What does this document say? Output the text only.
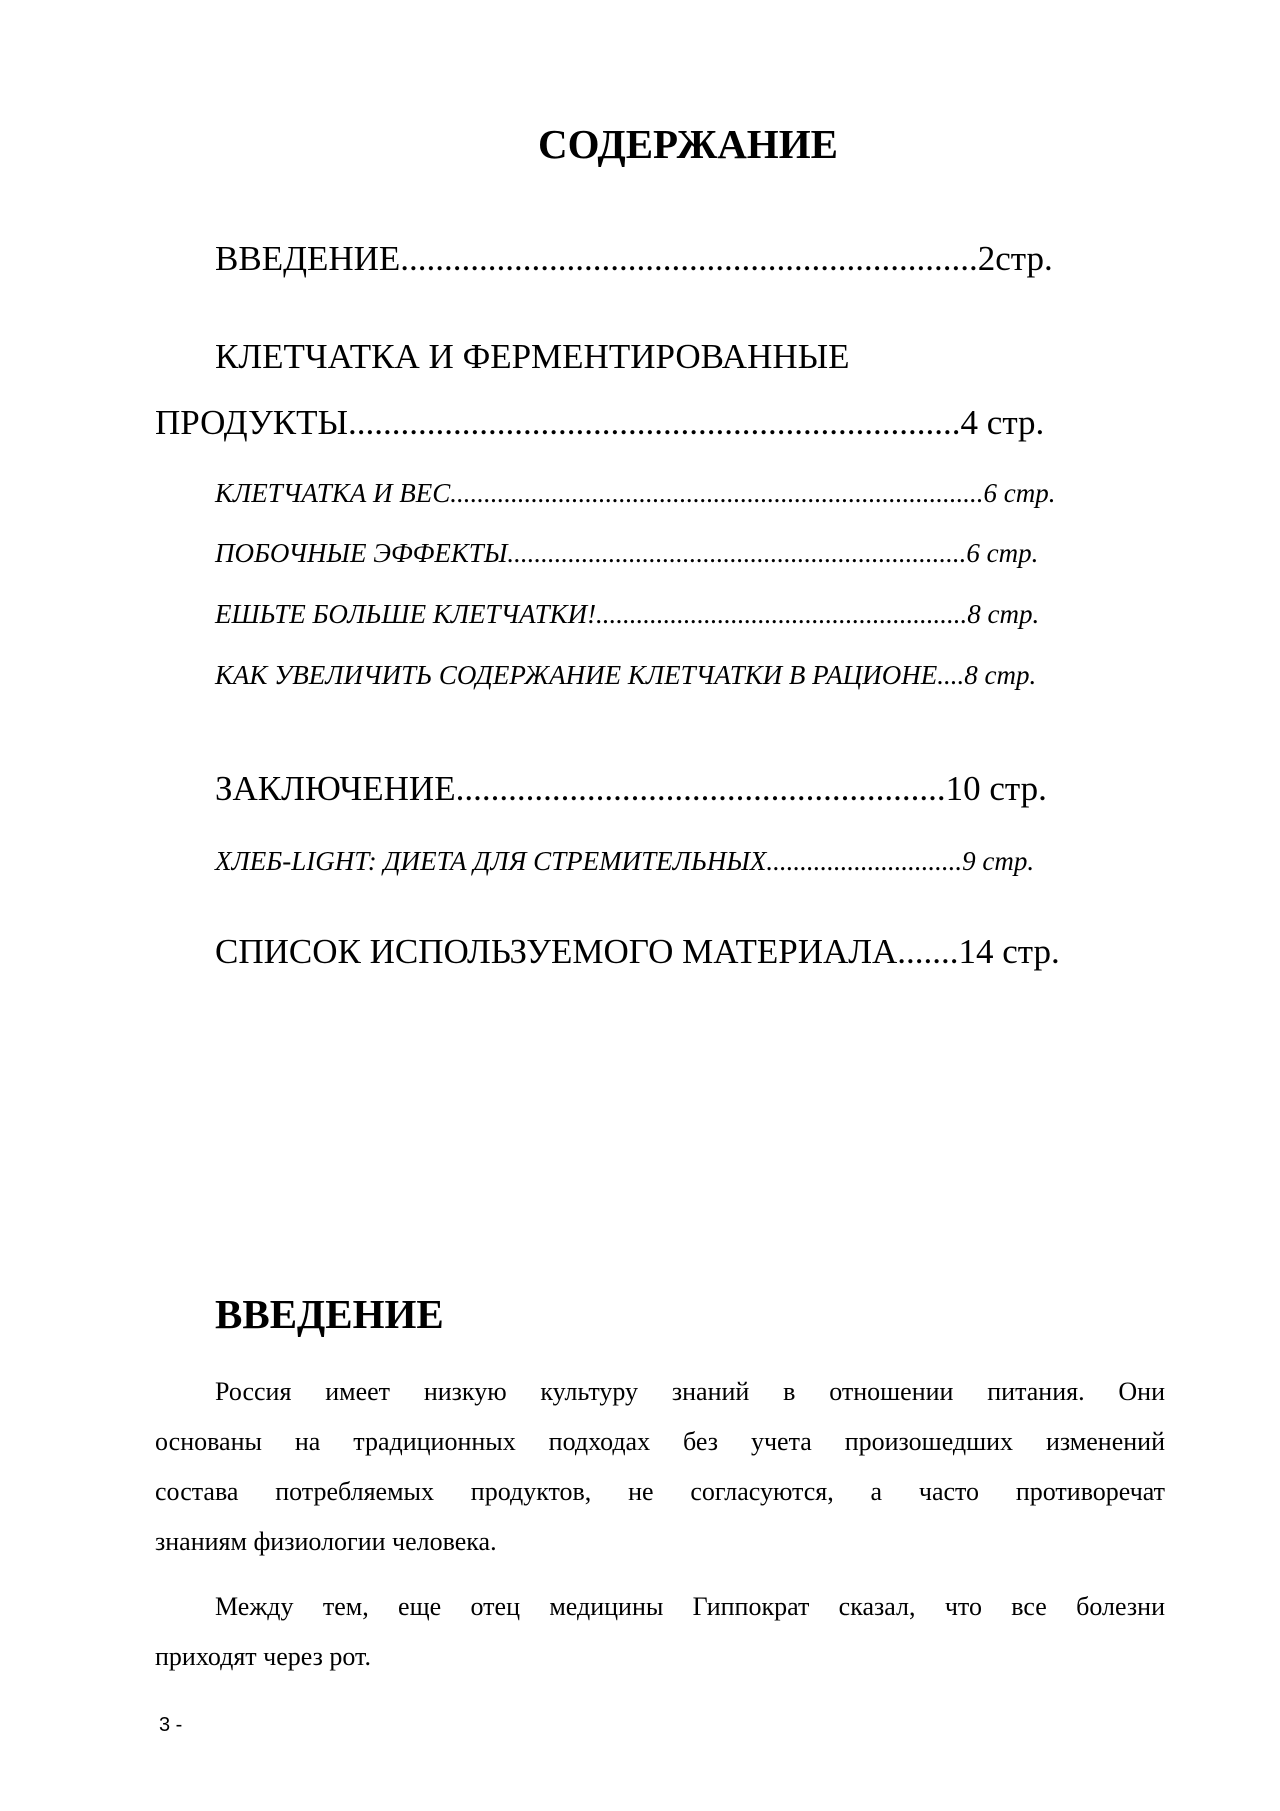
СОДЕРЖАНИЕ
ВВЕДЕНИЕ..................................................................2стр.
КЛЕТЧАТКА И ФЕРМЕНТИРОВАННЫЕ
ПРОДУКТЫ......................................................................4 стр.
КЛЕТЧАТКА И ВЕС...............................................................................6 стр.
ПОБОЧНЫЕ ЭФФЕКТЫ....................................................................6 стр.
ЕШЬТЕ БОЛЬШЕ КЛЕТЧАТКИ!.......................................................8 стр.
КАК УВЕЛИЧИТЬ СОДЕРЖАНИЕ КЛЕТЧАТКИ В РАЦИОНЕ....8 стр.
ЗАКЛЮЧЕНИЕ........................................................10 стр.
ХЛЕБ-LIGHT: ДИЕТА ДЛЯ СТРЕМИТЕЛЬНЫХ.............................9 стр.
СПИСОК ИСПОЛЬЗУЕМОГО МАТЕРИАЛА.......14 стр.
ВВЕДЕНИЕ
Россия имеет низкую культуру знаний в отношении питания. Они
основаны на традиционных подходах без учета произошедших изменений
состава потребляемых продуктов, не согласуются, а часто противоречат
знаниям физиологии человека.
Между тем, еще отец медицины Гиппократ сказал, что все болезни
приходят через рот.
3 -
